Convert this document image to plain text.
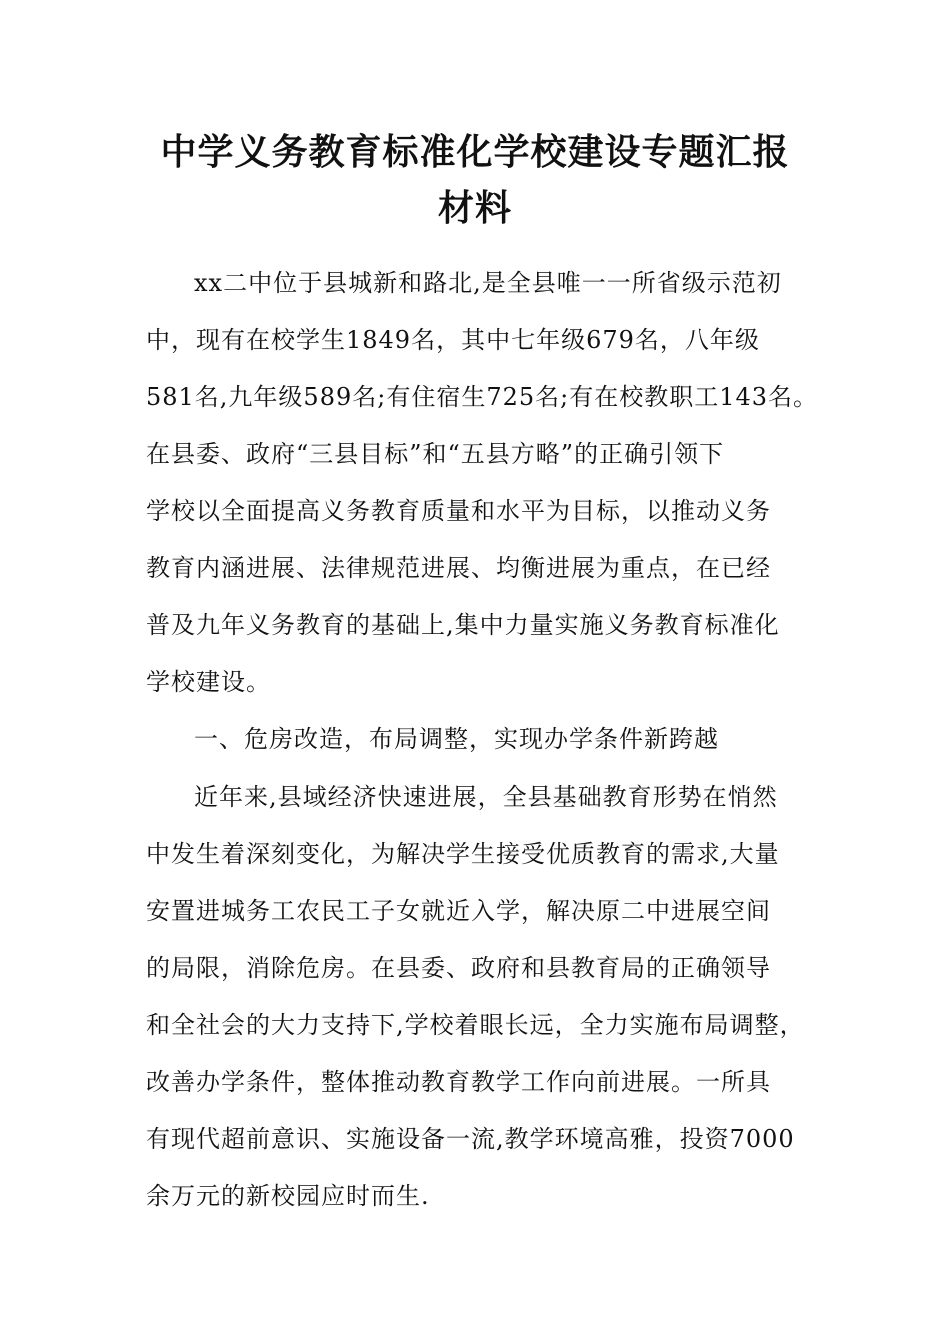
中学义务教育标准化学校建设专题汇报
材料
xx二中位于县城新和路北,是全县唯一一所省级示范初
中，现有在校学生1849名，其中七年级679名，八年级
581名,九年级589名;有住宿生725名;有在校教职工143名。
在县委、政府“三县目标”和“五县方略”的正确引领下
学校以全面提高义务教育质量和水平为目标，以推动义务
教育内涵进展、法律规范进展、均衡进展为重点，在已经
普及九年义务教育的基础上,集中力量实施义务教育标准化
学校建设。
一、危房改造，布局调整，实现办学条件新跨越
近年来,县域经济快速进展，全县基础教育形势在悄然
中发生着深刻变化，为解决学生接受优质教育的需求,大量
安置进城务工农民工子女就近入学，解决原二中进展空间
的局限，消除危房。在县委、政府和县教育局的正确领导
和全社会的大力支持下,学校着眼长远，全力实施布局调整，
改善办学条件，整体推动教育教学工作向前进展。一所具
有现代超前意识、实施设备一流,教学环境高雅，投资7000
余万元的新校园应时而生.
